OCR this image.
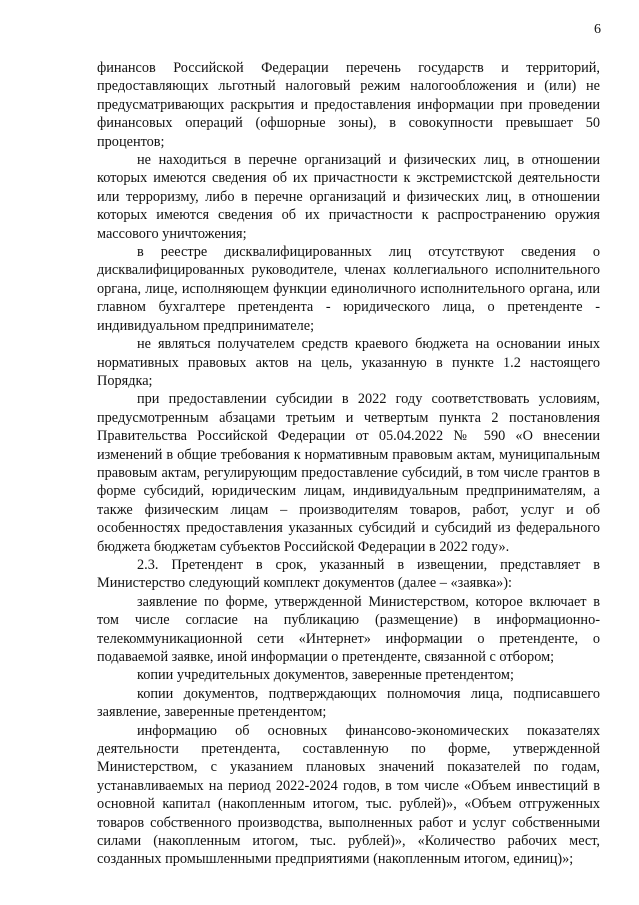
6

финансов Российской Федерации перечень государств и территорий, предоставляющих льготный налоговый режим налогообложения и (или) не предусматривающих раскрытия и предоставления информации при проведении финансовых операций (офшорные зоны), в совокупности превышает 50 процентов;

не находиться в перечне организаций и физических лиц, в отношении которых имеются сведения об их причастности к экстремистской деятельности или терроризму, либо в перечне организаций и физических лиц, в отношении которых имеются сведения об их причастности к распространению оружия массового уничтожения;

в реестре дисквалифицированных лиц отсутствуют сведения о дисквалифицированных руководителе, членах коллегиального исполнительного органа, лице, исполняющем функции единоличного исполнительного органа, или главном бухгалтере претендента - юридического лица, о претенденте - индивидуальном предпринимателе;

не являться получателем средств краевого бюджета на основании иных нормативных правовых актов на цель, указанную в пункте 1.2 настоящего Порядка;

при предоставлении субсидии в 2022 году соответствовать условиям, предусмотренным абзацами третьим и четвертым пункта 2 постановления Правительства Российской Федерации от 05.04.2022 № 590 «О внесении изменений в общие требования к нормативным правовым актам, муниципальным правовым актам, регулирующим предоставление субсидий, в том числе грантов в форме субсидий, юридическим лицам, индивидуальным предпринимателям, а также физическим лицам – производителям товаров, работ, услуг и об особенностях предоставления указанных субсидий и субсидий из федерального бюджета бюджетам субъектов Российской Федерации в 2022 году».

2.3. Претендент в срок, указанный в извещении, представляет в Министерство следующий комплект документов (далее – «заявка»):

заявление по форме, утвержденной Министерством, которое включает в том числе согласие на публикацию (размещение) в информационно-телекоммуникационной сети «Интернет» информации о претенденте, о подаваемой заявке, иной информации о претенденте, связанной с отбором;

копии учредительных документов, заверенные претендентом;

копии документов, подтверждающих полномочия лица, подписавшего заявление, заверенные претендентом;

информацию об основных финансово-экономических показателях деятельности претендента, составленную по форме, утвержденной Министерством, с указанием плановых значений показателей по годам, устанавливаемых на период 2022-2024 годов, в том числе «Объем инвестиций в основной капитал (накопленным итогом, тыс. рублей)», «Объем отгруженных товаров собственного производства, выполненных работ и услуг собственными силами (накопленным итогом, тыс. рублей)», «Количество рабочих мест, созданных промышленными предприятиями (накопленным итогом, единиц)»;
